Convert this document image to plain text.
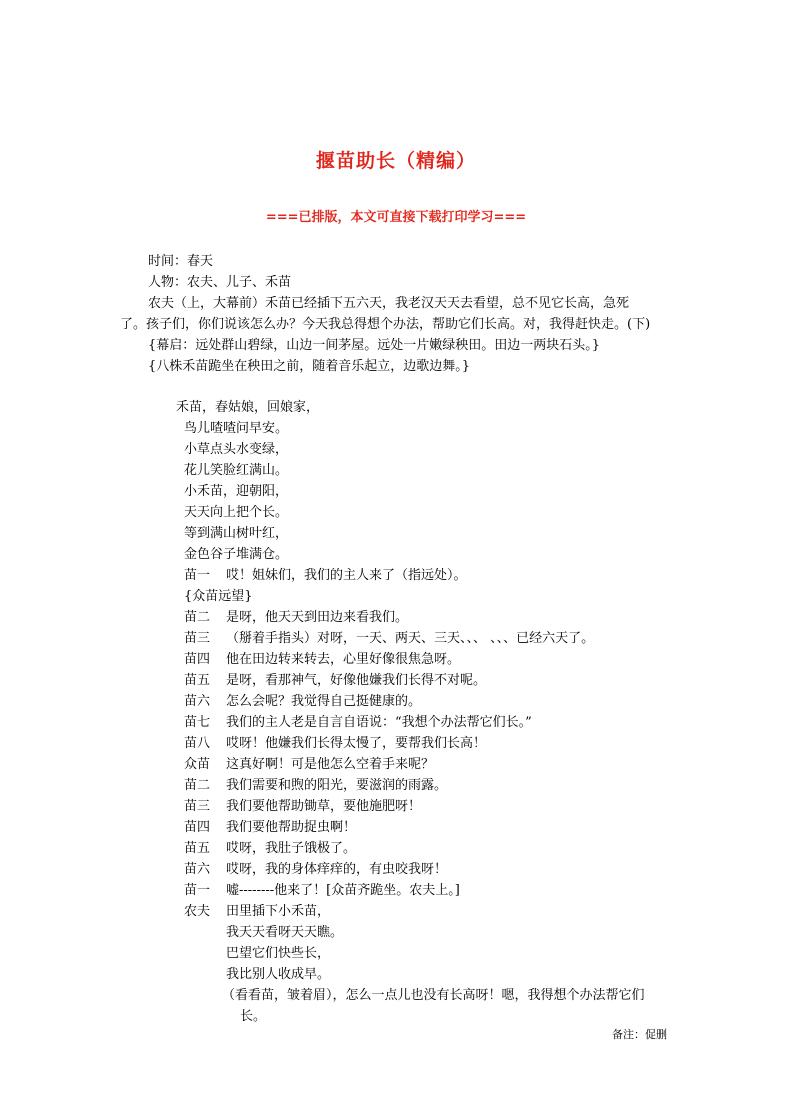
揠苗助长（精编）
===已排版，本文可直接下载打印学习===
时间：春天
人物：农夫、儿子、禾苗
农夫（上，大幕前）禾苗已经插下五六天，我老汉天天去看望，总不见它长高，急死
了。孩子们，你们说该怎么办？今天我总得想个办法，帮助它们长高。对，我得赶快走。(下)
{幕启：远处群山碧绿，山边一间茅屋。远处一片嫩绿秧田。田边一两块石头。}
{八株禾苗跪坐在秧田之前，随着音乐起立，边歌边舞。}
禾苗，春姑娘，回娘家，
鸟儿喳喳问早安。
小草点头水变绿，
花儿笑脸红满山。
小禾苗，迎朝阳，
天天向上把个长。
等到满山树叶红，
金色谷子堆满仓。
苗一 哎！姐妹们，我们的主人来了（指远处）。
{众苗远望}
苗二 是呀，他天天到田边来看我们。
苗三 （掰着手指头）对呀，一天、两天、三天、、、 、、、已经六天了。
苗四 他在田边转来转去，心里好像很焦急呀。
苗五 是呀，看那神气，好像他嫌我们长得不对呢。
苗六 怎么会呢？我觉得自己挺健康的。
苗七 我们的主人老是自言自语说：“我想个办法帮它们长。”
苗八 哎呀！他嫌我们长得太慢了，要帮我们长高！
众苗 这真好啊！可是他怎么空着手来呢？
苗二 我们需要和煦的阳光，要滋润的雨露。
苗三 我们要他帮助锄草，要他施肥呀！
苗四 我们要他帮助捉虫啊！
苗五 哎呀，我肚子饿极了。
苗六 哎呀，我的身体痒痒的，有虫咬我呀！
苗一 嘘--------他来了！[众苗齐跪坐。农夫上。]
农夫 田里插下小禾苗，
我天天看呀天天瞧。
巴望它们快些长，
我比别人收成早。
（看看苗，皱着眉），怎么一点儿也没有长高呀！嗯，我得想个办法帮它们
长。
备注：促删
